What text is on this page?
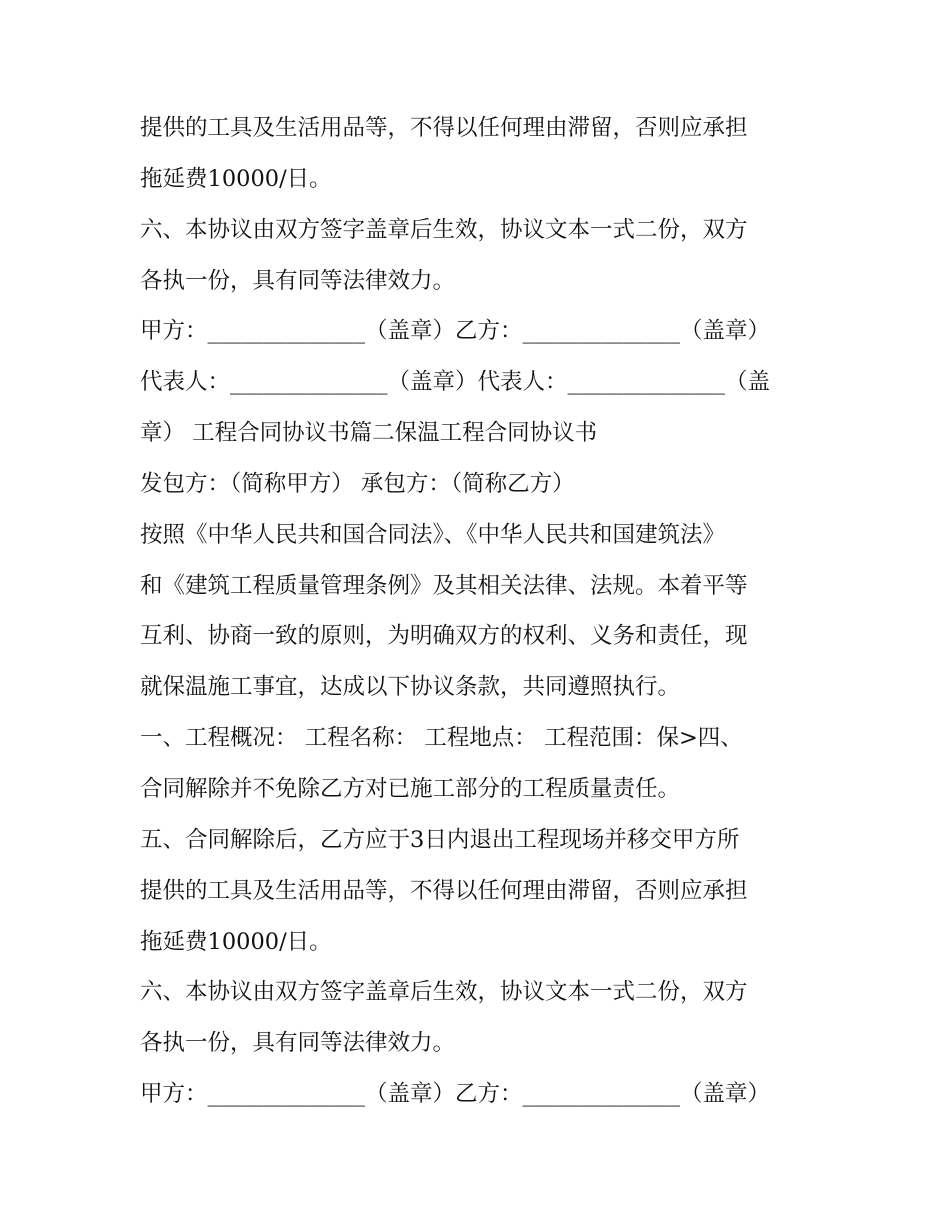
提供的工具及生活用品等，不得以任何理由滞留，否则应承担
拖延费10000/日。
六、本协议由双方签字盖章后生效，协议文本一式二份，双方
各执一份，具有同等法律效力。
甲方：______________（盖章）乙方：______________（盖章）
代表人：______________（盖章）代表人：______________（盖
章） 工程合同协议书篇二保温工程合同协议书
发包方：（简称甲方） 承包方：（简称乙方）
按照《中华人民共和国合同法》、《中华人民共和国建筑法》
和《建筑工程质量管理条例》及其相关法律、法规。本着平等
互利、协商一致的原则，为明确双方的权利、义务和责任，现
就保温施工事宜，达成以下协议条款，共同遵照执行。
一、工程概况： 工程名称： 工程地点： 工程范围：保>四、
合同解除并不免除乙方对已施工部分的工程质量责任。
五、合同解除后，乙方应于3日内退出工程现场并移交甲方所
提供的工具及生活用品等，不得以任何理由滞留，否则应承担
拖延费10000/日。
六、本协议由双方签字盖章后生效，协议文本一式二份，双方
各执一份，具有同等法律效力。
甲方：______________（盖章）乙方：______________（盖章）
